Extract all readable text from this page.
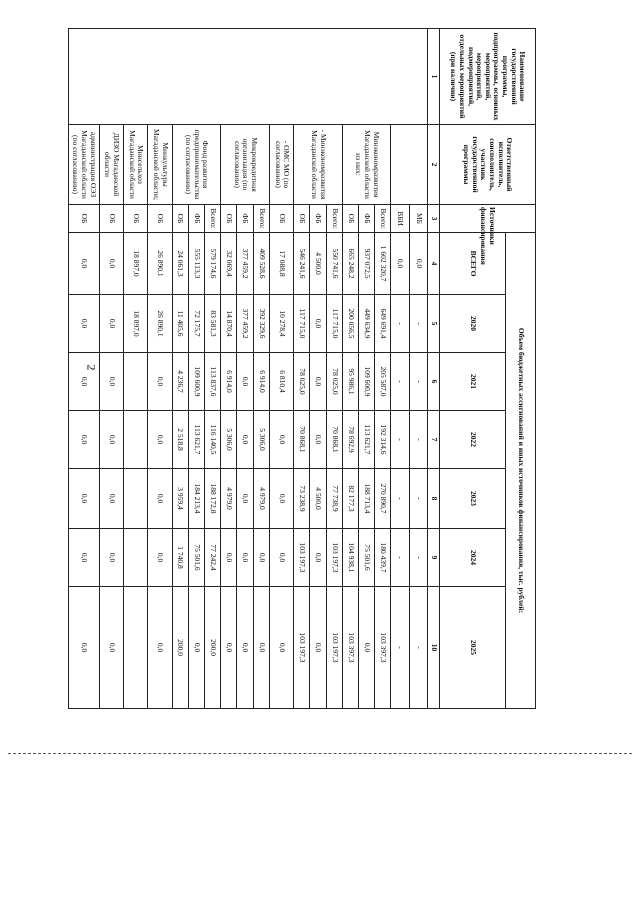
2
Наименование государственной программы, подпрограммы, основных мероприятий, мероприятий, подмероприятий, отдельных мероприятий (при наличии)	Ответственный исполнитель, соисполнитель, участник государственной программы	Источники финансирования	Объем бюджетных ассигнований и иных источников финансирования, тыс. рублей:						
			ВСЕГО	2020	2021	2022	2023	2024	2025
1	2	3	4	5	6	7	8	9	10
		МБ	0,0	-	-	-	-	-	-
		ВБИ	0,0	-	-	-	-	-	-
	Минэкономразвития Магаданской области из них:	Всего:	1 602 320,7	649 691,4	205 587,0	192 314,6	270 890,7	180 439,7	103 397,3
		ФБ	937 072,5	449 634,9	109 600,9	113 621,7	188 713,4	75 501,6	0,0
		ОБ	665 248,2	200 056,5	95 986,1	78 692,9	82 177,3	104 938,1	103 397,3
	- Минэкономразвития Магаданской области	Всего:	550 741,6	117 715,0	78 025,0	70 868,1	77 738,9	103 197,3	103 197,3
		ФБ	4 500,0	0,0	0,0	0,0	4 500,0	0,0	0,0
		ОБ	546 241,6	117 715,0	78 025,0	70 868,1	73 238,9	103 197,3	103 197,3
	- ОМС МО (по согласованию)	ОБ	17 088,8	10 278,4	6 810,4	0,0	0,0	0,0	0,0
	Микрокредитная организация (по согласованию)	Всего:	409 528,6	392 329,6	6 914,0	5 306,0	4 979,0	0,0	0,0
		ФБ	377 459,2	377 459,2	0,0	0,0	0,0	0,0	0,0
		ОБ	32 069,4	14 870,4	6 914,0	5 306,0	4 979,0	0,0	0,0
	Фонд развития предпринимательства (по согласованию)	Всего:	579 174,6	83 581,3	113 837,6	116 140,5	188 172,8	77 242,4	200,0
		ФБ	555 113,3	72 175,7	109 600,9	113 621,7	184 213,4	75 501,6	0,0
		ОБ	24 061,3	11 405,6	4 236,7	2 518,8	3 959,4	1 740,8	200,0
	Минкультуры Магаданской области;	ОБ	26 890,1	26 890,1	0,0	0,0	0,0	0,0	0,0
	Минсельхоз Магаданской области	ОБ	18 897,0	18 897,0					
	ДИЗО Магаданской области	ОБ	0,0	0,0	0,0	0,0	0,0	0,0	0,0
	администрация ОЭЗ Магаданской области (по согласованию)	ОБ	0,0	0,0	0,0	0,0	0,0	0,0	0,0
